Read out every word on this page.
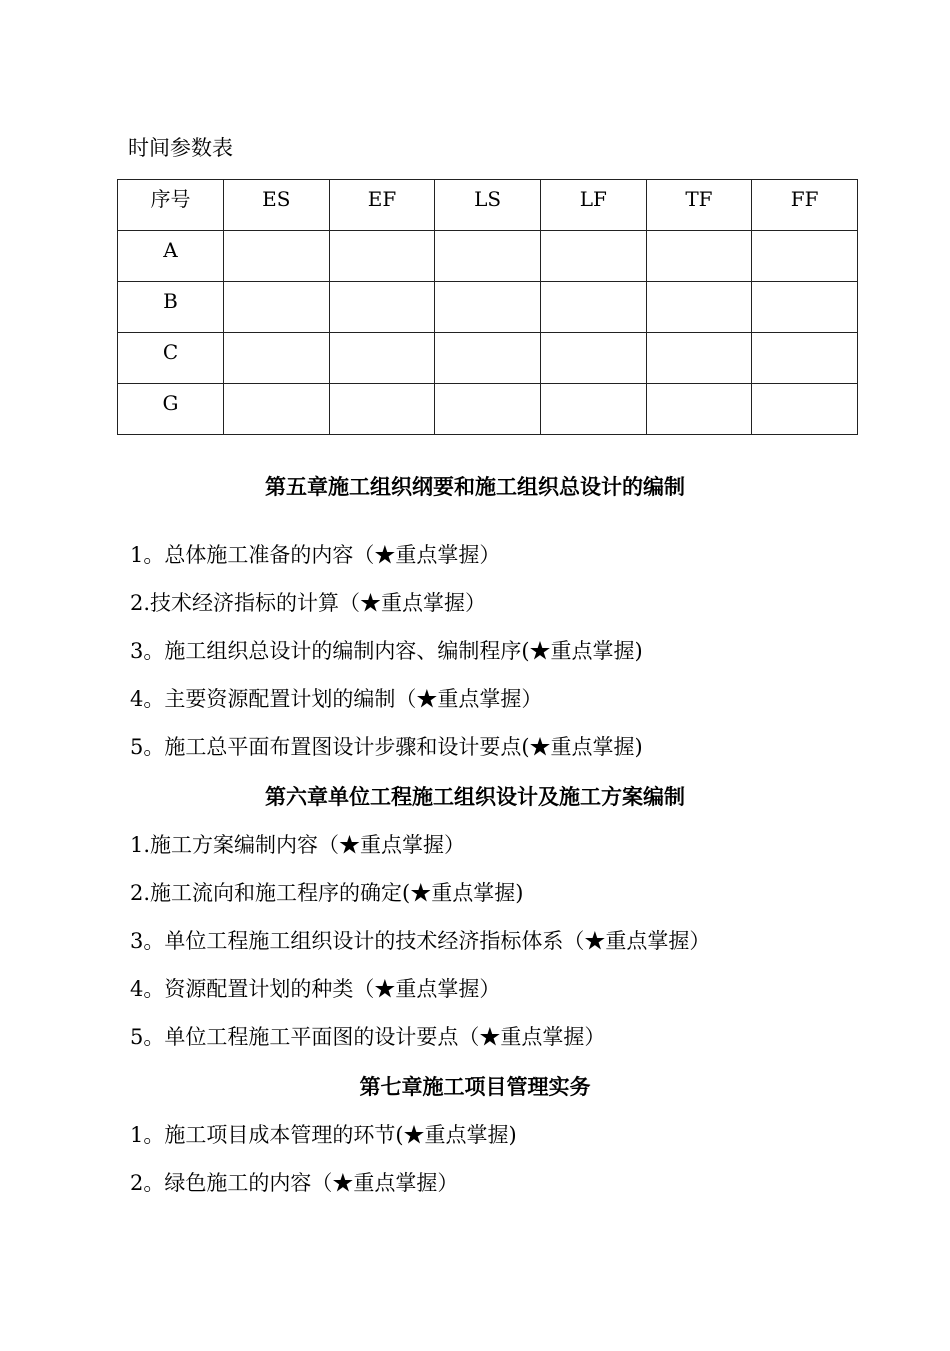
时间参数表
序号	ES	EF	LS	LF	TF	FF
A						
B						
C						
G						
第五章施工组织纲要和施工组织总设计的编制
1。总体施工准备的内容（★重点掌握）
2.技术经济指标的计算（★重点掌握）
3。施工组织总设计的编制内容、编制程序(★重点掌握)
4。主要资源配置计划的编制（★重点掌握）
5。施工总平面布置图设计步骤和设计要点(★重点掌握)
第六章单位工程施工组织设计及施工方案编制
1.施工方案编制内容（★重点掌握）
2.施工流向和施工程序的确定(★重点掌握)
3。单位工程施工组织设计的技术经济指标体系（★重点掌握）
4。资源配置计划的种类（★重点掌握）
5。单位工程施工平面图的设计要点（★重点掌握）
第七章施工项目管理实务
1。施工项目成本管理的环节(★重点掌握)
2。绿色施工的内容（★重点掌握）
